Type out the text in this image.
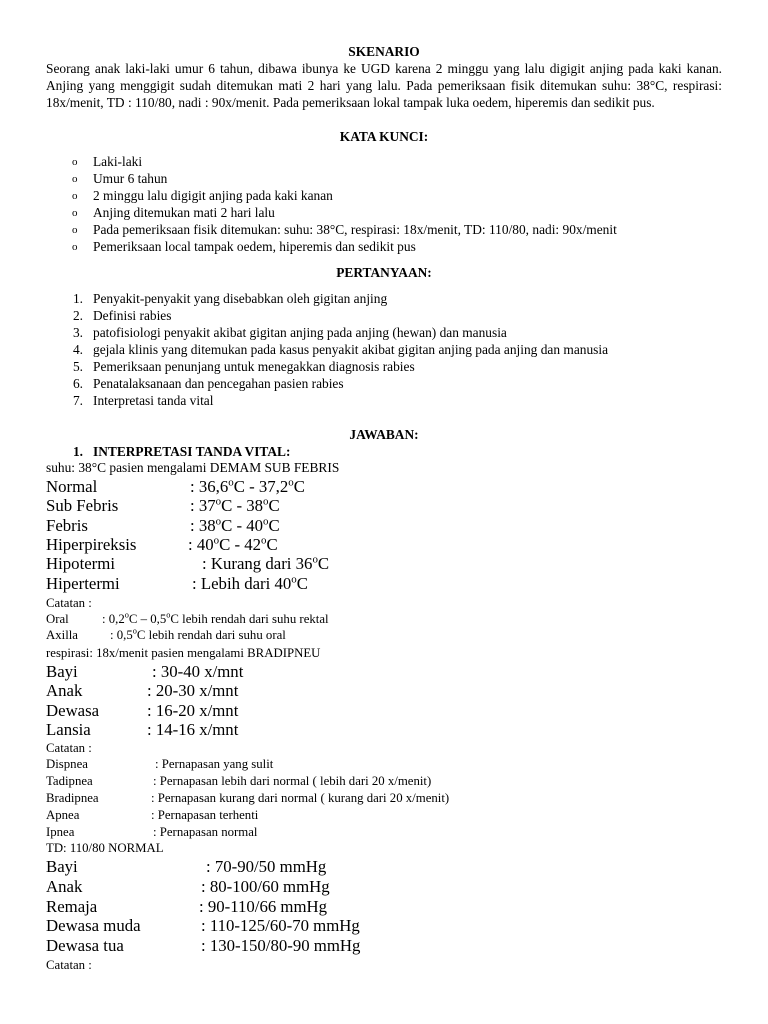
SKENARIO
Seorang anak laki-laki umur 6 tahun, dibawa ibunya ke UGD karena 2 minggu yang lalu digigit anjing pada kaki kanan. Anjing yang menggigit sudah ditemukan mati 2 hari yang lalu. Pada pemeriksaan fisik ditemukan suhu: 38°C, respirasi: 18x/menit, TD : 110/80, nadi : 90x/menit. Pada pemeriksaan lokal tampak luka oedem, hiperemis dan sedikit pus.
KATA KUNCI:
o Laki-laki
o Umur 6 tahun
o 2 minggu lalu digigit anjing pada kaki kanan
o Anjing ditemukan mati 2 hari lalu
o Pada pemeriksaan fisik ditemukan: suhu: 38°C, respirasi: 18x/menit, TD: 110/80, nadi: 90x/menit
o Pemeriksaan local tampak oedem, hiperemis dan sedikit pus
PERTANYAAN:
1. Penyakit-penyakit yang disebabkan oleh gigitan anjing
2. Definisi rabies
3. patofisiologi penyakit akibat gigitan anjing pada anjing (hewan) dan manusia
4. gejala klinis yang ditemukan pada kasus penyakit akibat gigitan anjing pada anjing dan manusia
5. Pemeriksaan penunjang untuk menegakkan diagnosis rabies
6. Penatalaksanaan dan pencegahan pasien rabies
7. Interpretasi tanda vital
JAWABAN:
1. INTERPRETASI TANDA VITAL:
suhu: 38°C pasien mengalami DEMAM SUB FEBRIS
Normal	: 36,6$^o$C - 37,2$^o$C
Sub Febris	: 37$^o$C - 38$^o$C
Febris	: 38$^o$C - 40$^o$C
Hiperpireksis	: 40$^o$C - 42$^o$C
Hipotermi	: Kurang dari 36$^o$C
Hipertermi	: Lebih dari 40$^o$C
Catatan :
Oral	: 0,2$^o$C – 0,5$^o$C lebih rendah dari suhu rektal
Axilla	: 0,5$^o$C lebih rendah dari suhu oral
respirasi: 18x/menit pasien mengalami BRADIPNEU
Bayi	: 30-40 x/mnt
Anak	: 20-30 x/mnt
Dewasa	: 16-20 x/mnt
Lansia	: 14-16 x/mnt
Catatan :
Dispnea	: Pernapasan yang sulit
Tadipnea	: Pernapasan lebih dari normal ( lebih dari 20 x/menit)
Bradipnea	: Pernapasan kurang dari normal ( kurang dari 20 x/menit)
Apnea	: Pernapasan terhenti
Ipnea	: Pernapasan normal
TD: 110/80 NORMAL
Bayi	: 70-90/50 mmHg
Anak	: 80-100/60 mmHg
Remaja	: 90-110/66 mmHg
Dewasa muda	: 110-125/60-70 mmHg
Dewasa tua	: 130-150/80-90 mmHg
Catatan :
